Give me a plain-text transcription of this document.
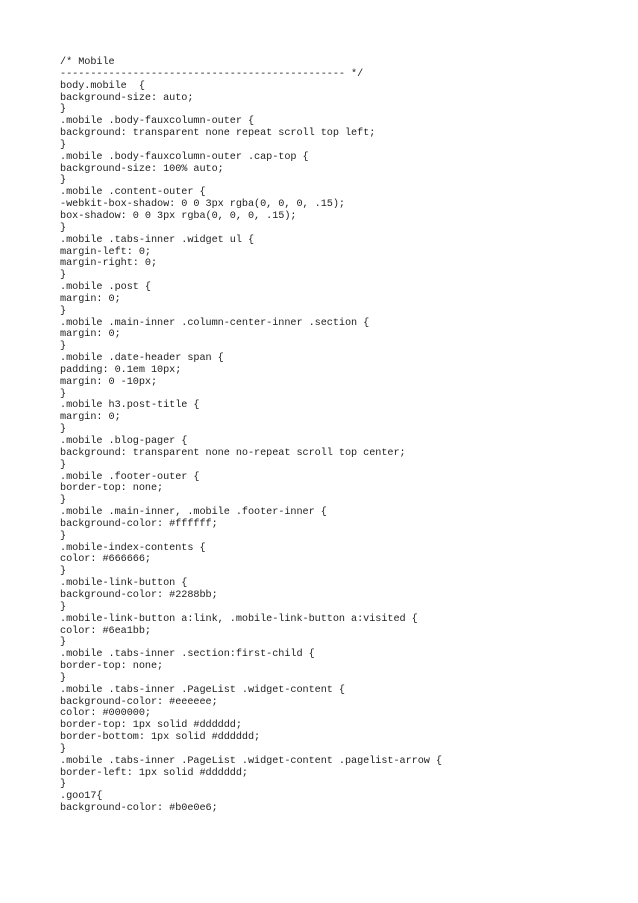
/* Mobile
----------------------------------------------- */
body.mobile  {
background-size: auto;
}
.mobile .body-fauxcolumn-outer {
background: transparent none repeat scroll top left;
}
.mobile .body-fauxcolumn-outer .cap-top {
background-size: 100% auto;
}
.mobile .content-outer {
-webkit-box-shadow: 0 0 3px rgba(0, 0, 0, .15);
box-shadow: 0 0 3px rgba(0, 0, 0, .15);
}
.mobile .tabs-inner .widget ul {
margin-left: 0;
margin-right: 0;
}
.mobile .post {
margin: 0;
}
.mobile .main-inner .column-center-inner .section {
margin: 0;
}
.mobile .date-header span {
padding: 0.1em 10px;
margin: 0 -10px;
}
.mobile h3.post-title {
margin: 0;
}
.mobile .blog-pager {
background: transparent none no-repeat scroll top center;
}
.mobile .footer-outer {
border-top: none;
}
.mobile .main-inner, .mobile .footer-inner {
background-color: #ffffff;
}
.mobile-index-contents {
color: #666666;
}
.mobile-link-button {
background-color: #2288bb;
}
.mobile-link-button a:link, .mobile-link-button a:visited {
color: #6ea1bb;
}
.mobile .tabs-inner .section:first-child {
border-top: none;
}
.mobile .tabs-inner .PageList .widget-content {
background-color: #eeeeee;
color: #000000;
border-top: 1px solid #dddddd;
border-bottom: 1px solid #dddddd;
}
.mobile .tabs-inner .PageList .widget-content .pagelist-arrow {
border-left: 1px solid #dddddd;
}
.goo17{
background-color: #b0e0e6;
